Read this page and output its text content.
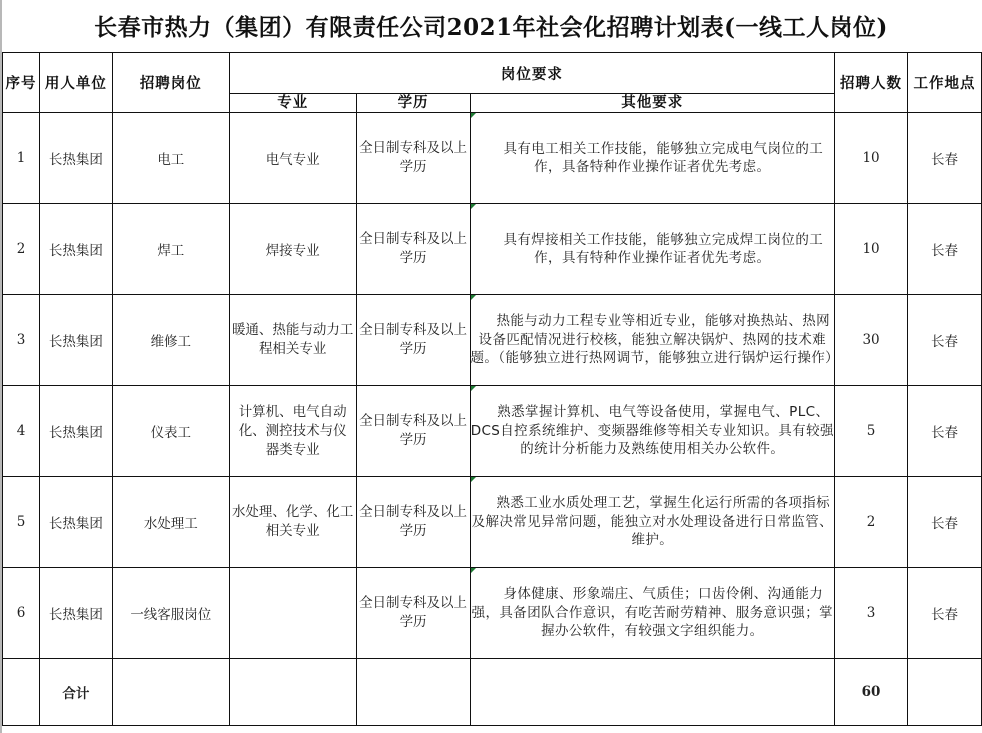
长春市热力（集团）有限责任公司2021年社会化招聘计划表(一线工人岗位)
序号	用人单位	招聘岗位	岗位要求			招聘人数	工作地点
			专业	学历	其他要求		
1	长热集团	电工	电气专业	全日制专科及以上学历	具有电工相关工作技能，能够独立完成电气岗位的工作，具备特种作业操作证者优先考虑。	10	长春
2	长热集团	焊工	焊接专业	全日制专科及以上学历	具有焊接相关工作技能，能够独立完成焊工岗位的工作，具有特种作业操作证者优先考虑。	10	长春
3	长热集团	维修工	暖通、热能与动力工程相关专业	全日制专科及以上学历	热能与动力工程专业等相近专业，能够对换热站、热网设备匹配情况进行校核，能独立解决锅炉、热网的技术难题。（能够独立进行热网调节，能够独立进行锅炉运行操作）	30	长春
4	长热集团	仪表工	计算机、电气自动化、测控技术与仪器类专业	全日制专科及以上学历	熟悉掌握计算机、电气等设备使用，掌握电气、PLC、DCS自控系统维护、变频器维修等相关专业知识。具有较强的统计分析能力及熟练使用相关办公软件。	5	长春
5	长热集团	水处理工	水处理、化学、化工相关专业	全日制专科及以上学历	熟悉工业水质处理工艺，掌握生化运行所需的各项指标及解决常见异常问题，能独立对水处理设备进行日常监管、维护。	2	长春
6	长热集团	一线客服岗位		全日制专科及以上学历	身体健康、形象端庄、气质佳；口齿伶俐、沟通能力强，具备团队合作意识，有吃苦耐劳精神、服务意识强；掌握办公软件，有较强文字组织能力。	3	长春
	合计					60	
